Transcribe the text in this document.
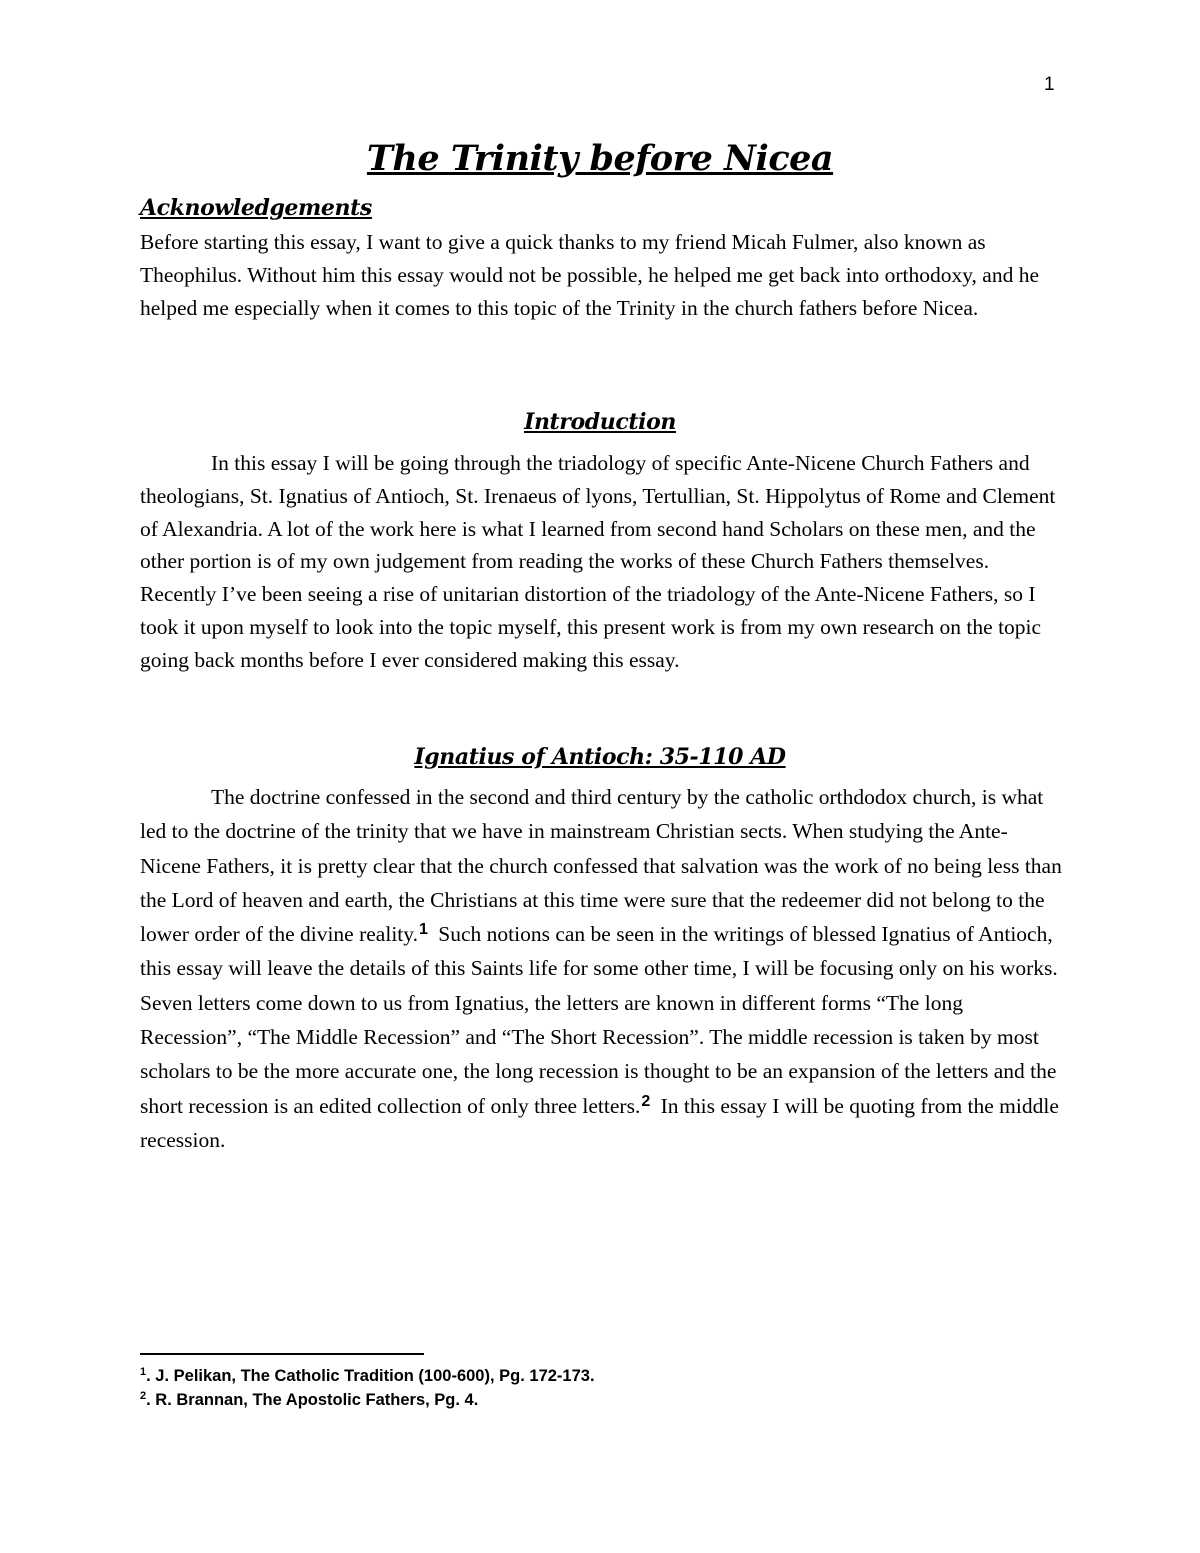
1
The Trinity before Nicea
Acknowledgements

Before starting this essay, I want to give a quick thanks to my friend Micah Fulmer, also known as Theophilus. Without him this essay would not be possible, he helped me get back into orthodoxy, and he helped me especially when it comes to this topic of the Trinity in the church fathers before Nicea.

Introduction

In this essay I will be going through the triadology of specific Ante-Nicene Church Fathers and theologians, St. Ignatius of Antioch, St. Irenaeus of lyons, Tertullian, St. Hippolytus of Rome and Clement of Alexandria. A lot of the work here is what I learned from second hand Scholars on these men, and the other portion is of my own judgement from reading the works of these Church Fathers themselves. Recently I’ve been seeing a rise of unitarian distortion of the triadology of the Ante-Nicene Fathers, so I took it upon myself to look into the topic myself, this present work is from my own research on the topic going back months before I ever considered making this essay.

Ignatius of Antioch: 35-110 AD

The doctrine confessed in the second and third century by the catholic orthdodox church, is what led to the doctrine of the trinity that we have in mainstream Christian sects. When studying the Ante-Nicene Fathers, it is pretty clear that the church confessed that salvation was the work of no being less than the Lord of heaven and earth, the Christians at this time were sure that the redeemer did not belong to the lower order of the divine reality.$^1$ Such notions can be seen in the writings of blessed Ignatius of Antioch, this essay will leave the details of this Saints life for some other time, I will be focusing only on his works. Seven letters come down to us from Ignatius, the letters are known in different forms “The long Recession”, “The Middle Recession” and “The Short Recession”. The middle recession is taken by most scholars to be the more accurate one, the long recession is thought to be an expansion of the letters and the short recession is an edited collection of only three letters.$^2$ In this essay I will be quoting from the middle recession.

$^1$. J. Pelikan, The Catholic Tradition (100-600), Pg. 172-173.
$^2$. R. Brannan, The Apostolic Fathers, Pg. 4.
